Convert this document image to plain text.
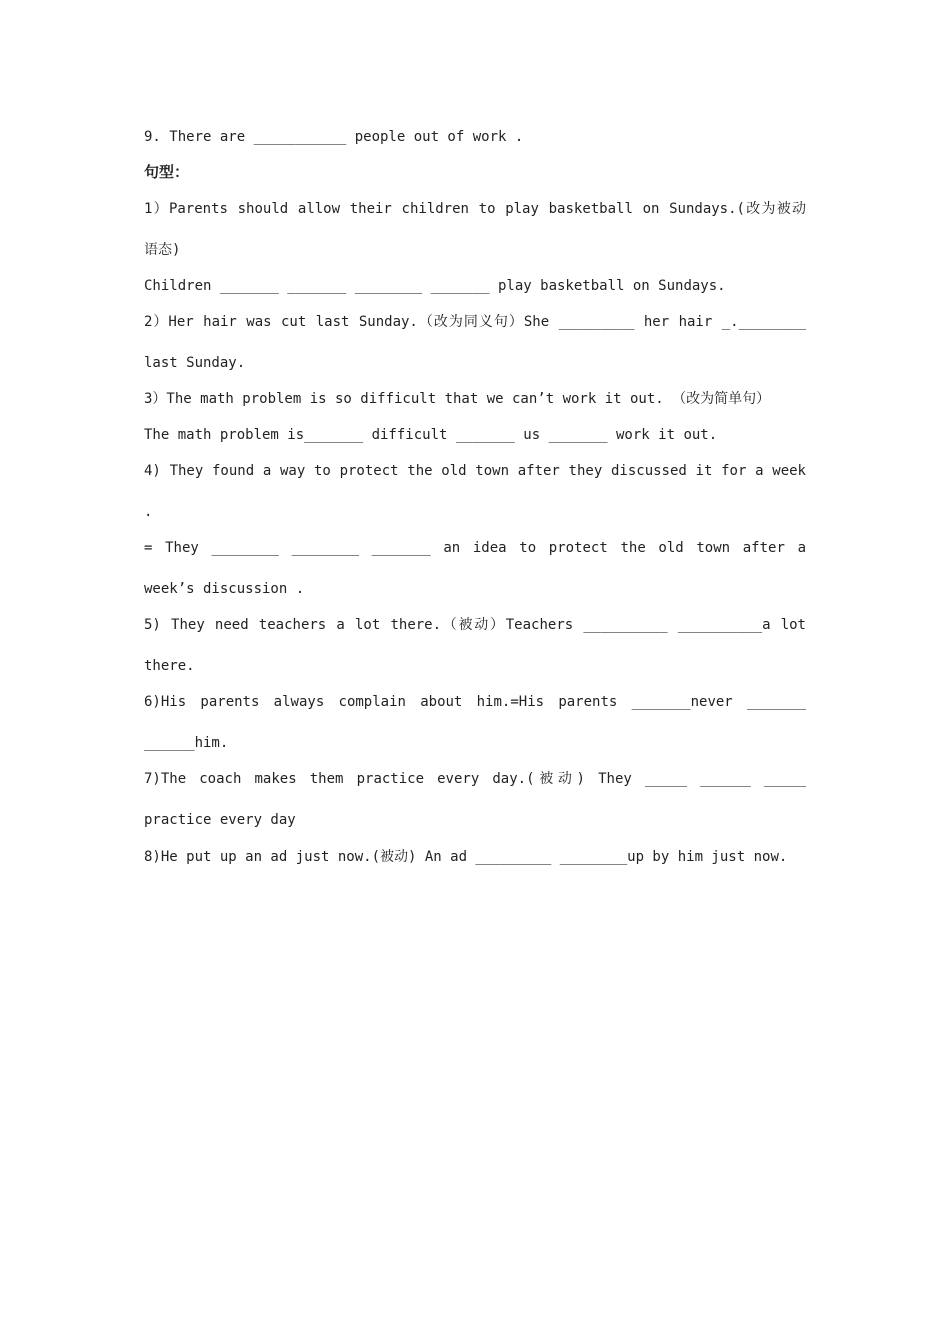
9. There are ___________ people out of work .
句型：
1）Parents should allow their children to play basketball on Sundays.(改为被动
语态)
Children _______ _______ ________ _______ play basketball on Sundays.
2）Her hair was cut last Sunday.（改为同义句）She _________ her hair _.________
last Sunday.
3）The math problem is so difficult that we can’t work it out. （改为简单句）
The math problem is_______ difficult _______ us _______ work it out.
4) They found a way to protect the old town after they discussed it for a week
.
= They ________ ________ _______ an idea to protect the old town after a
week’s discussion .
5) They need teachers a lot there.（被动）Teachers __________ __________a lot
there.
6)His parents always complain about him.=His parents _______never _______
______him.
7)The coach makes them practice every day.(被动) They _____ ______ _____
practice every day
8)He put up an ad just now.(被动) An ad _________ ________up by him just now.
